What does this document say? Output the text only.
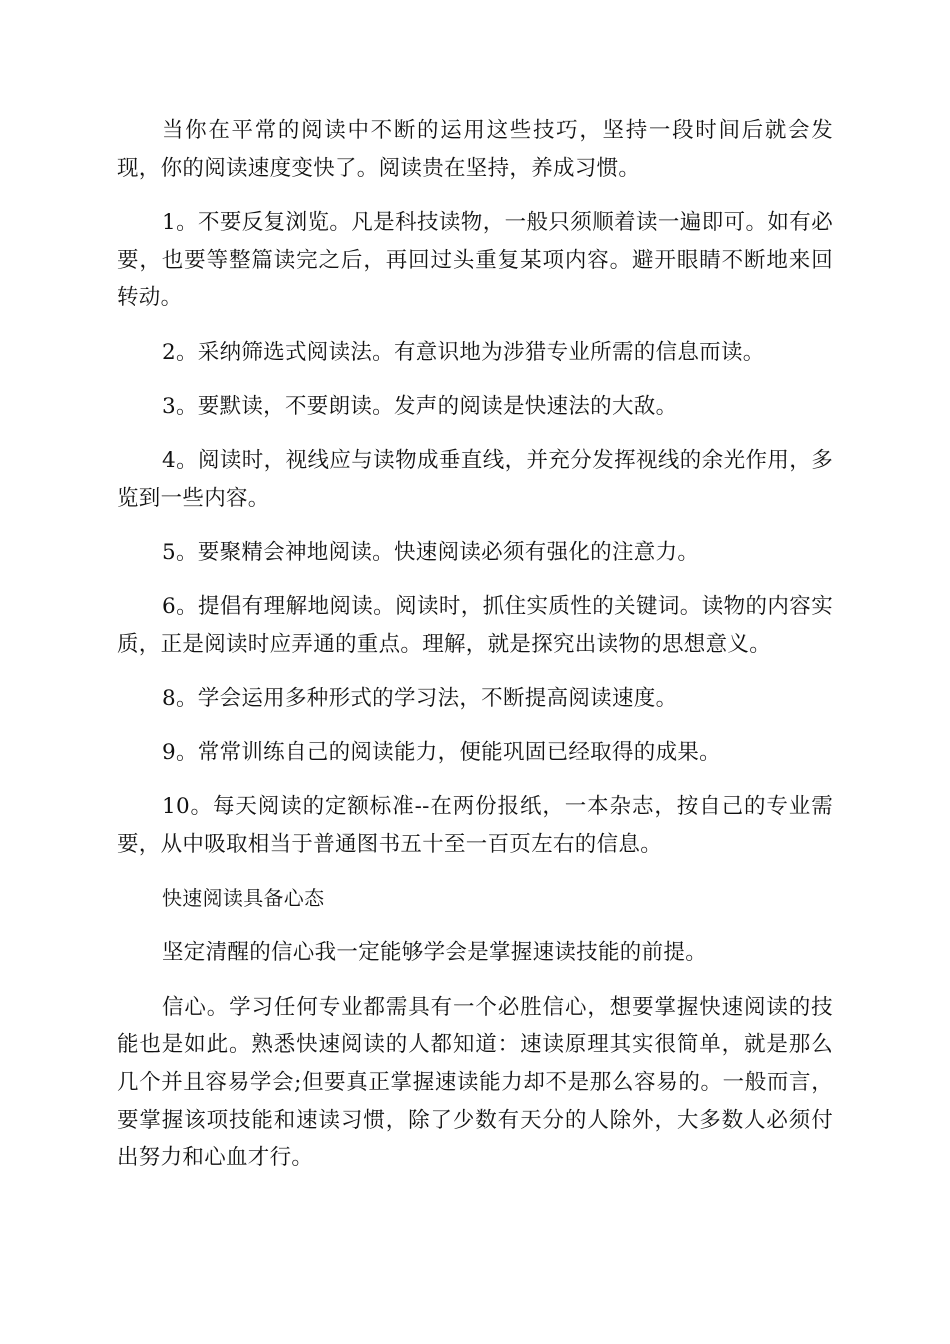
当你在平常的阅读中不断的运用这些技巧，坚持一段时间后就会发现，你的阅读速度变快了。阅读贵在坚持，养成习惯。

1。不要反复浏览。凡是科技读物，一般只须顺着读一遍即可。如有必要，也要等整篇读完之后，再回过头重复某项内容。避开眼睛不断地来回转动。

2。采纳筛选式阅读法。有意识地为涉猎专业所需的信息而读。

3。要默读，不要朗读。发声的阅读是快速法的大敌。

4。阅读时，视线应与读物成垂直线，并充分发挥视线的余光作用，多览到一些内容。

5。要聚精会神地阅读。快速阅读必须有强化的注意力。

6。提倡有理解地阅读。阅读时，抓住实质性的关键词。读物的内容实质，正是阅读时应弄通的重点。理解，就是探究出读物的思想意义。

8。学会运用多种形式的学习法，不断提高阅读速度。

9。常常训练自己的阅读能力，便能巩固已经取得的成果。

10。每天阅读的定额标准--在两份报纸，一本杂志，按自己的专业需要，从中吸取相当于普通图书五十至一百页左右的信息。

快速阅读具备心态

坚定清醒的信心我一定能够学会是掌握速读技能的前提。

信心。学习任何专业都需具有一个必胜信心，想要掌握快速阅读的技能也是如此。熟悉快速阅读的人都知道：速读原理其实很简单，就是那么几个并且容易学会;但要真正掌握速读能力却不是那么容易的。一般而言，要掌握该项技能和速读习惯，除了少数有天分的人除外，大多数人必须付出努力和心血才行。
